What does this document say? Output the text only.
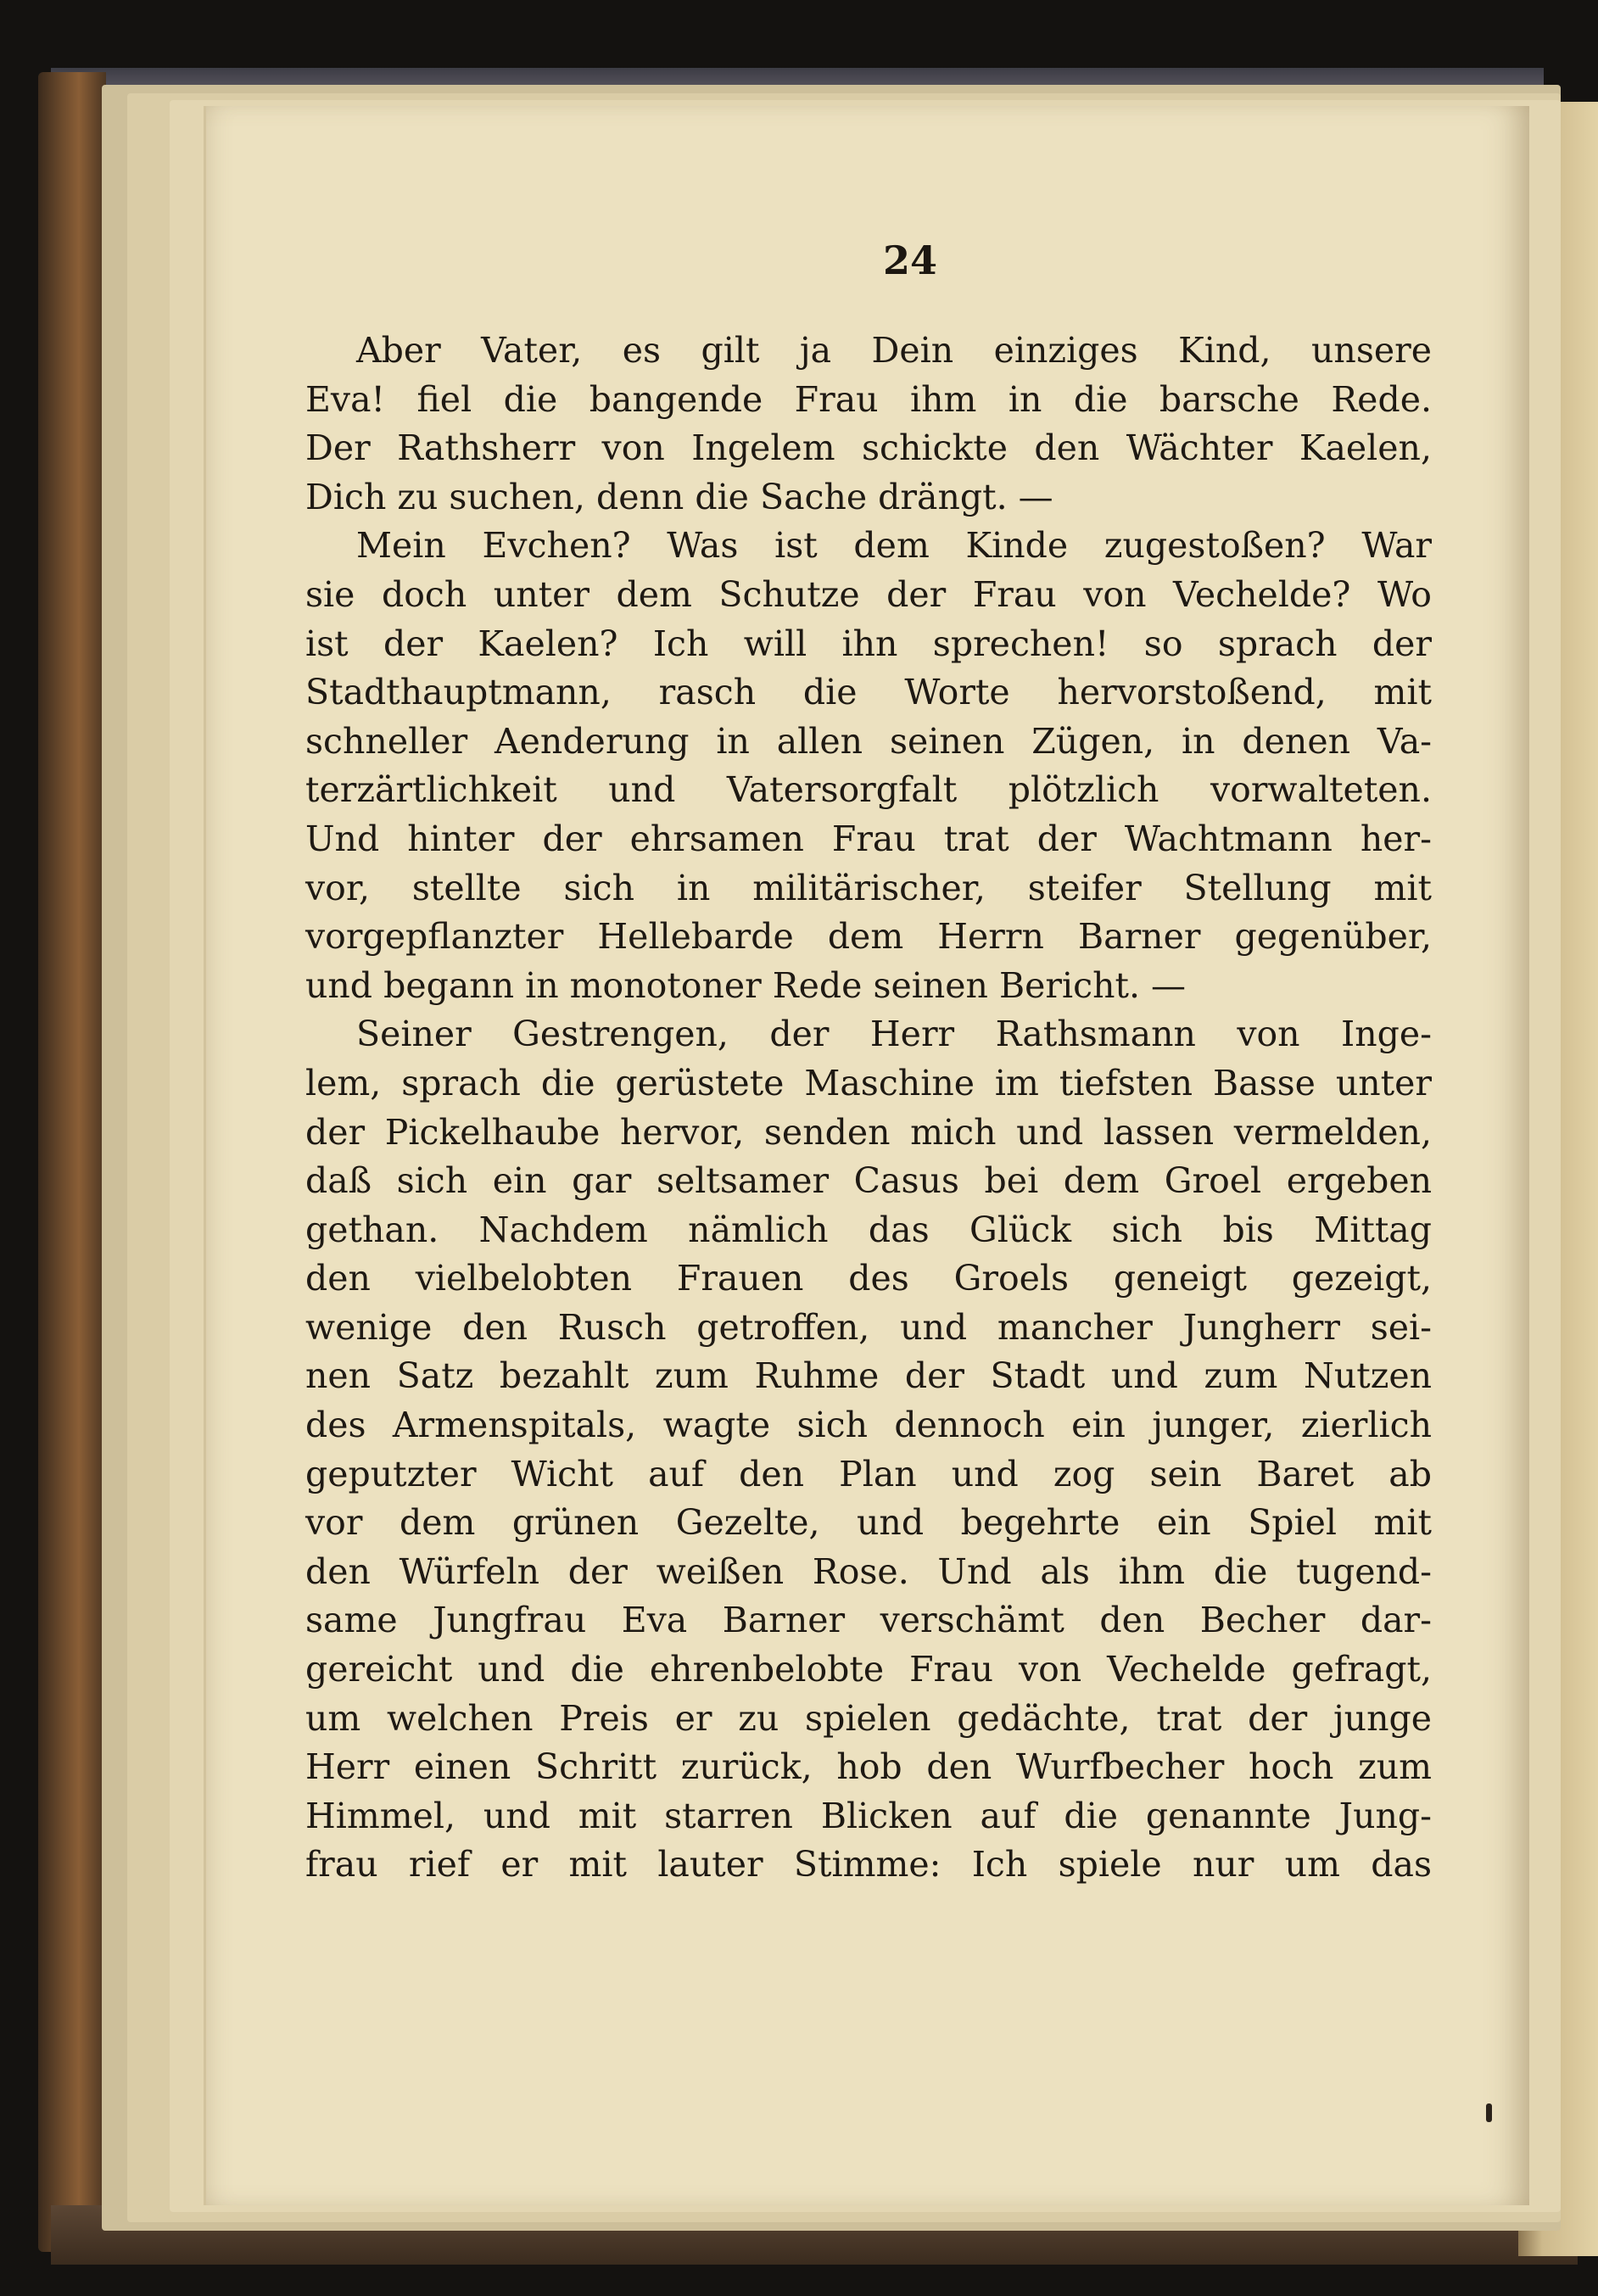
24
Aber Vater, es gilt ja Dein einziges Kind, unsere
Eva! fiel die bangende Frau ihm in die barsche Rede.
Der Rathsherr von Ingelem schickte den Wächter Kaelen,
Dich zu suchen, denn die Sache drängt. —
Mein Evchen? Was ist dem Kinde zugestoßen? War
sie doch unter dem Schutze der Frau von Vechelde? Wo
ist der Kaelen? Ich will ihn sprechen! so sprach der
Stadthauptmann, rasch die Worte hervorstoßend, mit
schneller Aenderung in allen seinen Zügen, in denen Va-
terzärtlichkeit und Vatersorgfalt plötzlich vorwalteten.
Und hinter der ehrsamen Frau trat der Wachtmann her-
vor, stellte sich in militärischer, steifer Stellung mit
vorgepflanzter Hellebarde dem Herrn Barner gegenüber,
und begann in monotoner Rede seinen Bericht. —
Seiner Gestrengen, der Herr Rathsmann von Inge-
lem, sprach die gerüstete Maschine im tiefsten Basse unter
der Pickelhaube hervor, senden mich und lassen vermelden,
daß sich ein gar seltsamer Casus bei dem Groel ergeben
gethan. Nachdem nämlich das Glück sich bis Mittag
den vielbelobten Frauen des Groels geneigt gezeigt,
wenige den Rusch getroffen, und mancher Jungherr sei-
nen Satz bezahlt zum Ruhme der Stadt und zum Nutzen
des Armenspitals, wagte sich dennoch ein junger, zierlich
geputzter Wicht auf den Plan und zog sein Baret ab
vor dem grünen Gezelte, und begehrte ein Spiel mit
den Würfeln der weißen Rose. Und als ihm die tugend-
same Jungfrau Eva Barner verschämt den Becher dar-
gereicht und die ehrenbelobte Frau von Vechelde gefragt,
um welchen Preis er zu spielen gedächte, trat der junge
Herr einen Schritt zurück, hob den Wurfbecher hoch zum
Himmel, und mit starren Blicken auf die genannte Jung-
frau rief er mit lauter Stimme: Ich spiele nur um das
